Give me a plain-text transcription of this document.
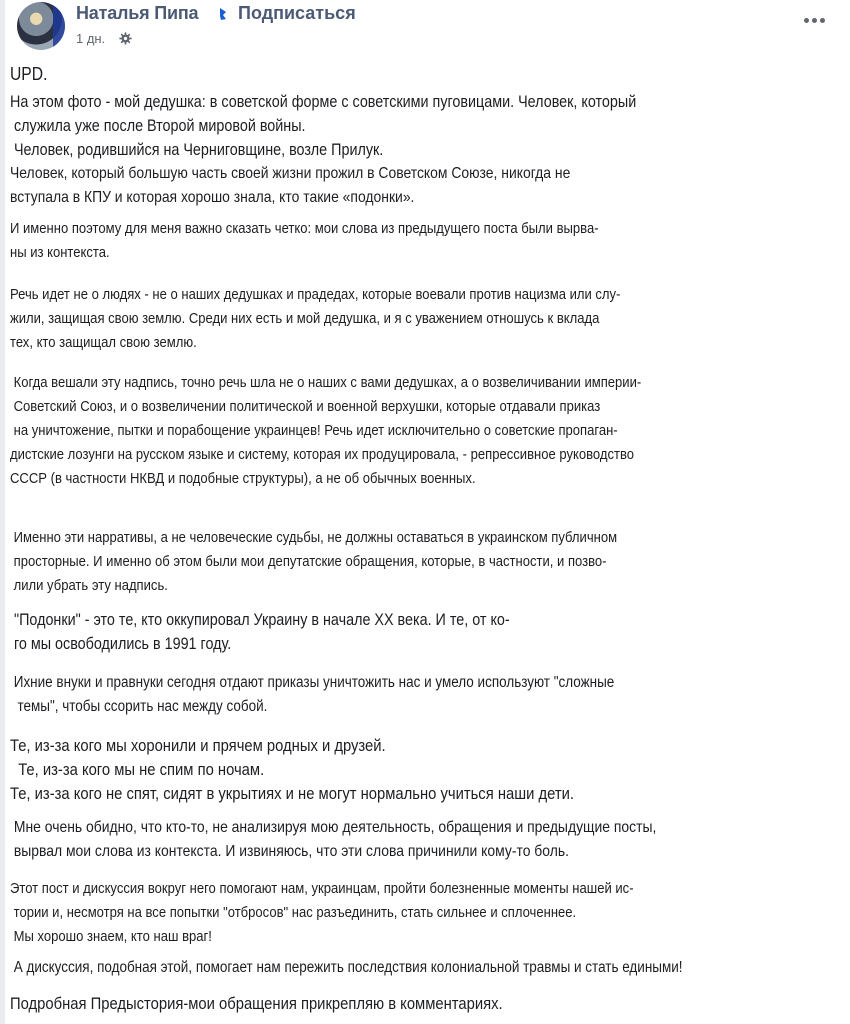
Наталья Пипа Подписаться
1 дн.
UPD.
На этом фото - мой дедушка: в советской форме с советскими пуговицами. Человек, который
служила уже после Второй мировой войны.
Человек, родившийся на Черниговщине, возле Прилук.
Человек, который большую часть своей жизни прожил в Советском Союзе, никогда не
вступала в КПУ и которая хорошо знала, кто такие «подонки».
И именно поэтому для меня важно сказать четко: мои слова из предыдущего поста были вырва-
ны из контекста.
Речь идет не о людях - не о наших дедушках и прадедах, которые воевали против нацизма или слу-
жили, защищая свою землю. Среди них есть и мой дедушка, и я с уважением отношусь к вклада
тех, кто защищал свою землю.
Когда вешали эту надпись, точно речь шла не о наших с вами дедушках, а о возвеличивании империи-
Советский Союз, и о возвеличении политической и военной верхушки, которые отдавали приказ
на уничтожение, пытки и порабощение украинцев! Речь идет исключительно о советские пропаган-
дистские лозунги на русском языке и систему, которая их продуцировала, - репрессивное руководство
СССР (в частности НКВД и подобные структуры), а не об обычных военных.
Именно эти нарративы, а не человеческие судьбы, не должны оставаться в украинском публичном
просторные. И именно об этом были мои депутатские обращения, которые, в частности, и позво-
лили убрать эту надпись.
"Подонки" - это те, кто оккупировал Украину в начале ХХ века. И те, от ко-
го мы освободились в 1991 году.
Ихние внуки и правнуки сегодня отдают приказы уничтожить нас и умело используют "сложные
темы", чтобы ссорить нас между собой.
Те, из-за кого мы хоронили и прячем родных и друзей.
Те, из-за кого мы не спим по ночам.
Те, из-за кого не спят, сидят в укрытиях и не могут нормально учиться наши дети.
Мне очень обидно, что кто-то, не анализируя мою деятельность, обращения и предыдущие посты,
вырвал мои слова из контекста. И извиняюсь, что эти слова причинили кому-то боль.
Этот пост и дискуссия вокруг него помогают нам, украинцам, пройти болезненные моменты нашей ис-
тории и, несмотря на все попытки "отбросов" нас разъединить, стать сильнее и сплоченнее.
Мы хорошо знаем, кто наш враг!
А дискуссия, подобная этой, помогает нам пережить последствия колониальной травмы и стать едиными!
Подробная Предыстория-мои обращения прикрепляю в комментариях.
